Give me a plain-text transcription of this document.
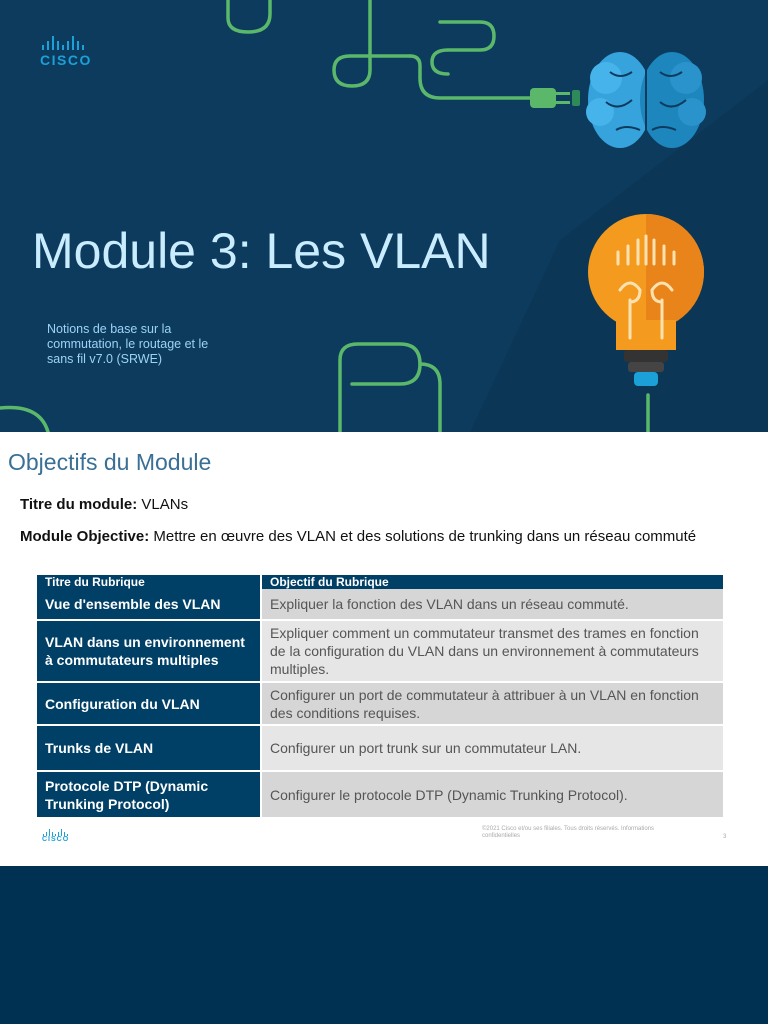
CISCO
Module 3: Les VLAN
Notions de base sur la commutation, le routage et le sans fil v7.0 (SRWE)
Objectifs du Module
Titre du module: VLANs
Module Objective: Mettre en œuvre des VLAN et des solutions de trunking dans un réseau commuté
Titre du Rubrique	Objectif du Rubrique
Vue d'ensemble des VLAN	Expliquer la fonction des VLAN dans un réseau commuté.
VLAN dans un environnement à commutateurs multiples	Expliquer comment un commutateur transmet des trames en fonction de la configuration du VLAN dans un environnement à commutateurs multiples.
Configuration du VLAN	Configurer un port de commutateur à attribuer à un VLAN en fonction des conditions requises.
Trunks de VLAN	Configurer un port trunk sur un commutateur LAN.
Protocole DTP (Dynamic Trunking Protocol)	Configurer le protocole DTP (Dynamic Trunking Protocol).
CISCO
©2021 Cisco et/ou ses filiales. Tous droits réservés. Informations confidentielles	3
